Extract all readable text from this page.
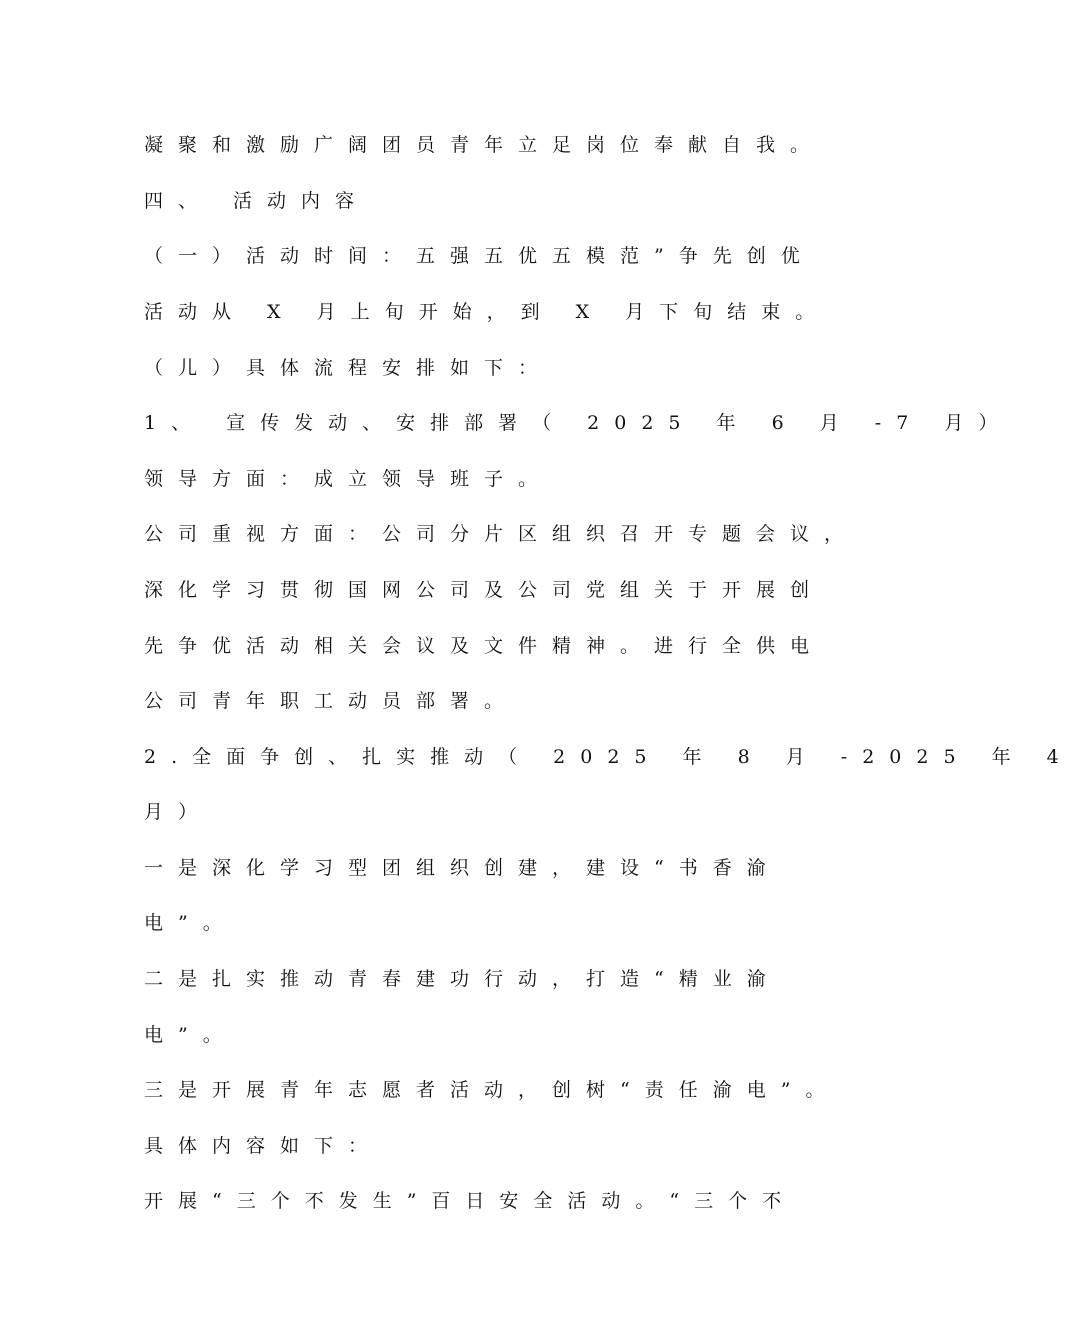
凝聚和激励广阔团员青年立足岗位奉献自我。
四、 活动内容
（一）活动时间：五强五优五模范”争先创优
活动从 X 月上旬开始，到 X 月下旬结束。
（儿）具体流程安排如下：
1、 宣传发动、安排部署（ 2025 年 6 月 -7 月）
领导方面：成立领导班子。
公司重视方面：公司分片区组织召开专题会议，
深化学习贯彻国网公司及公司党组关于开展创
先争优活动相关会议及文件精神。进行全供电
公司青年职工动员部署。
2.全面争创、扎实推动（ 2025 年 8 月 -2025 年 4
月）
一是深化学习型团组织创建，建设“书香渝
电”。
二是扎实推动青春建功行动，打造“精业渝
电”。
三是开展青年志愿者活动，创树“责任渝电”。
具体内容如下：
开展“三个不发生”百日安全活动。“三个不
